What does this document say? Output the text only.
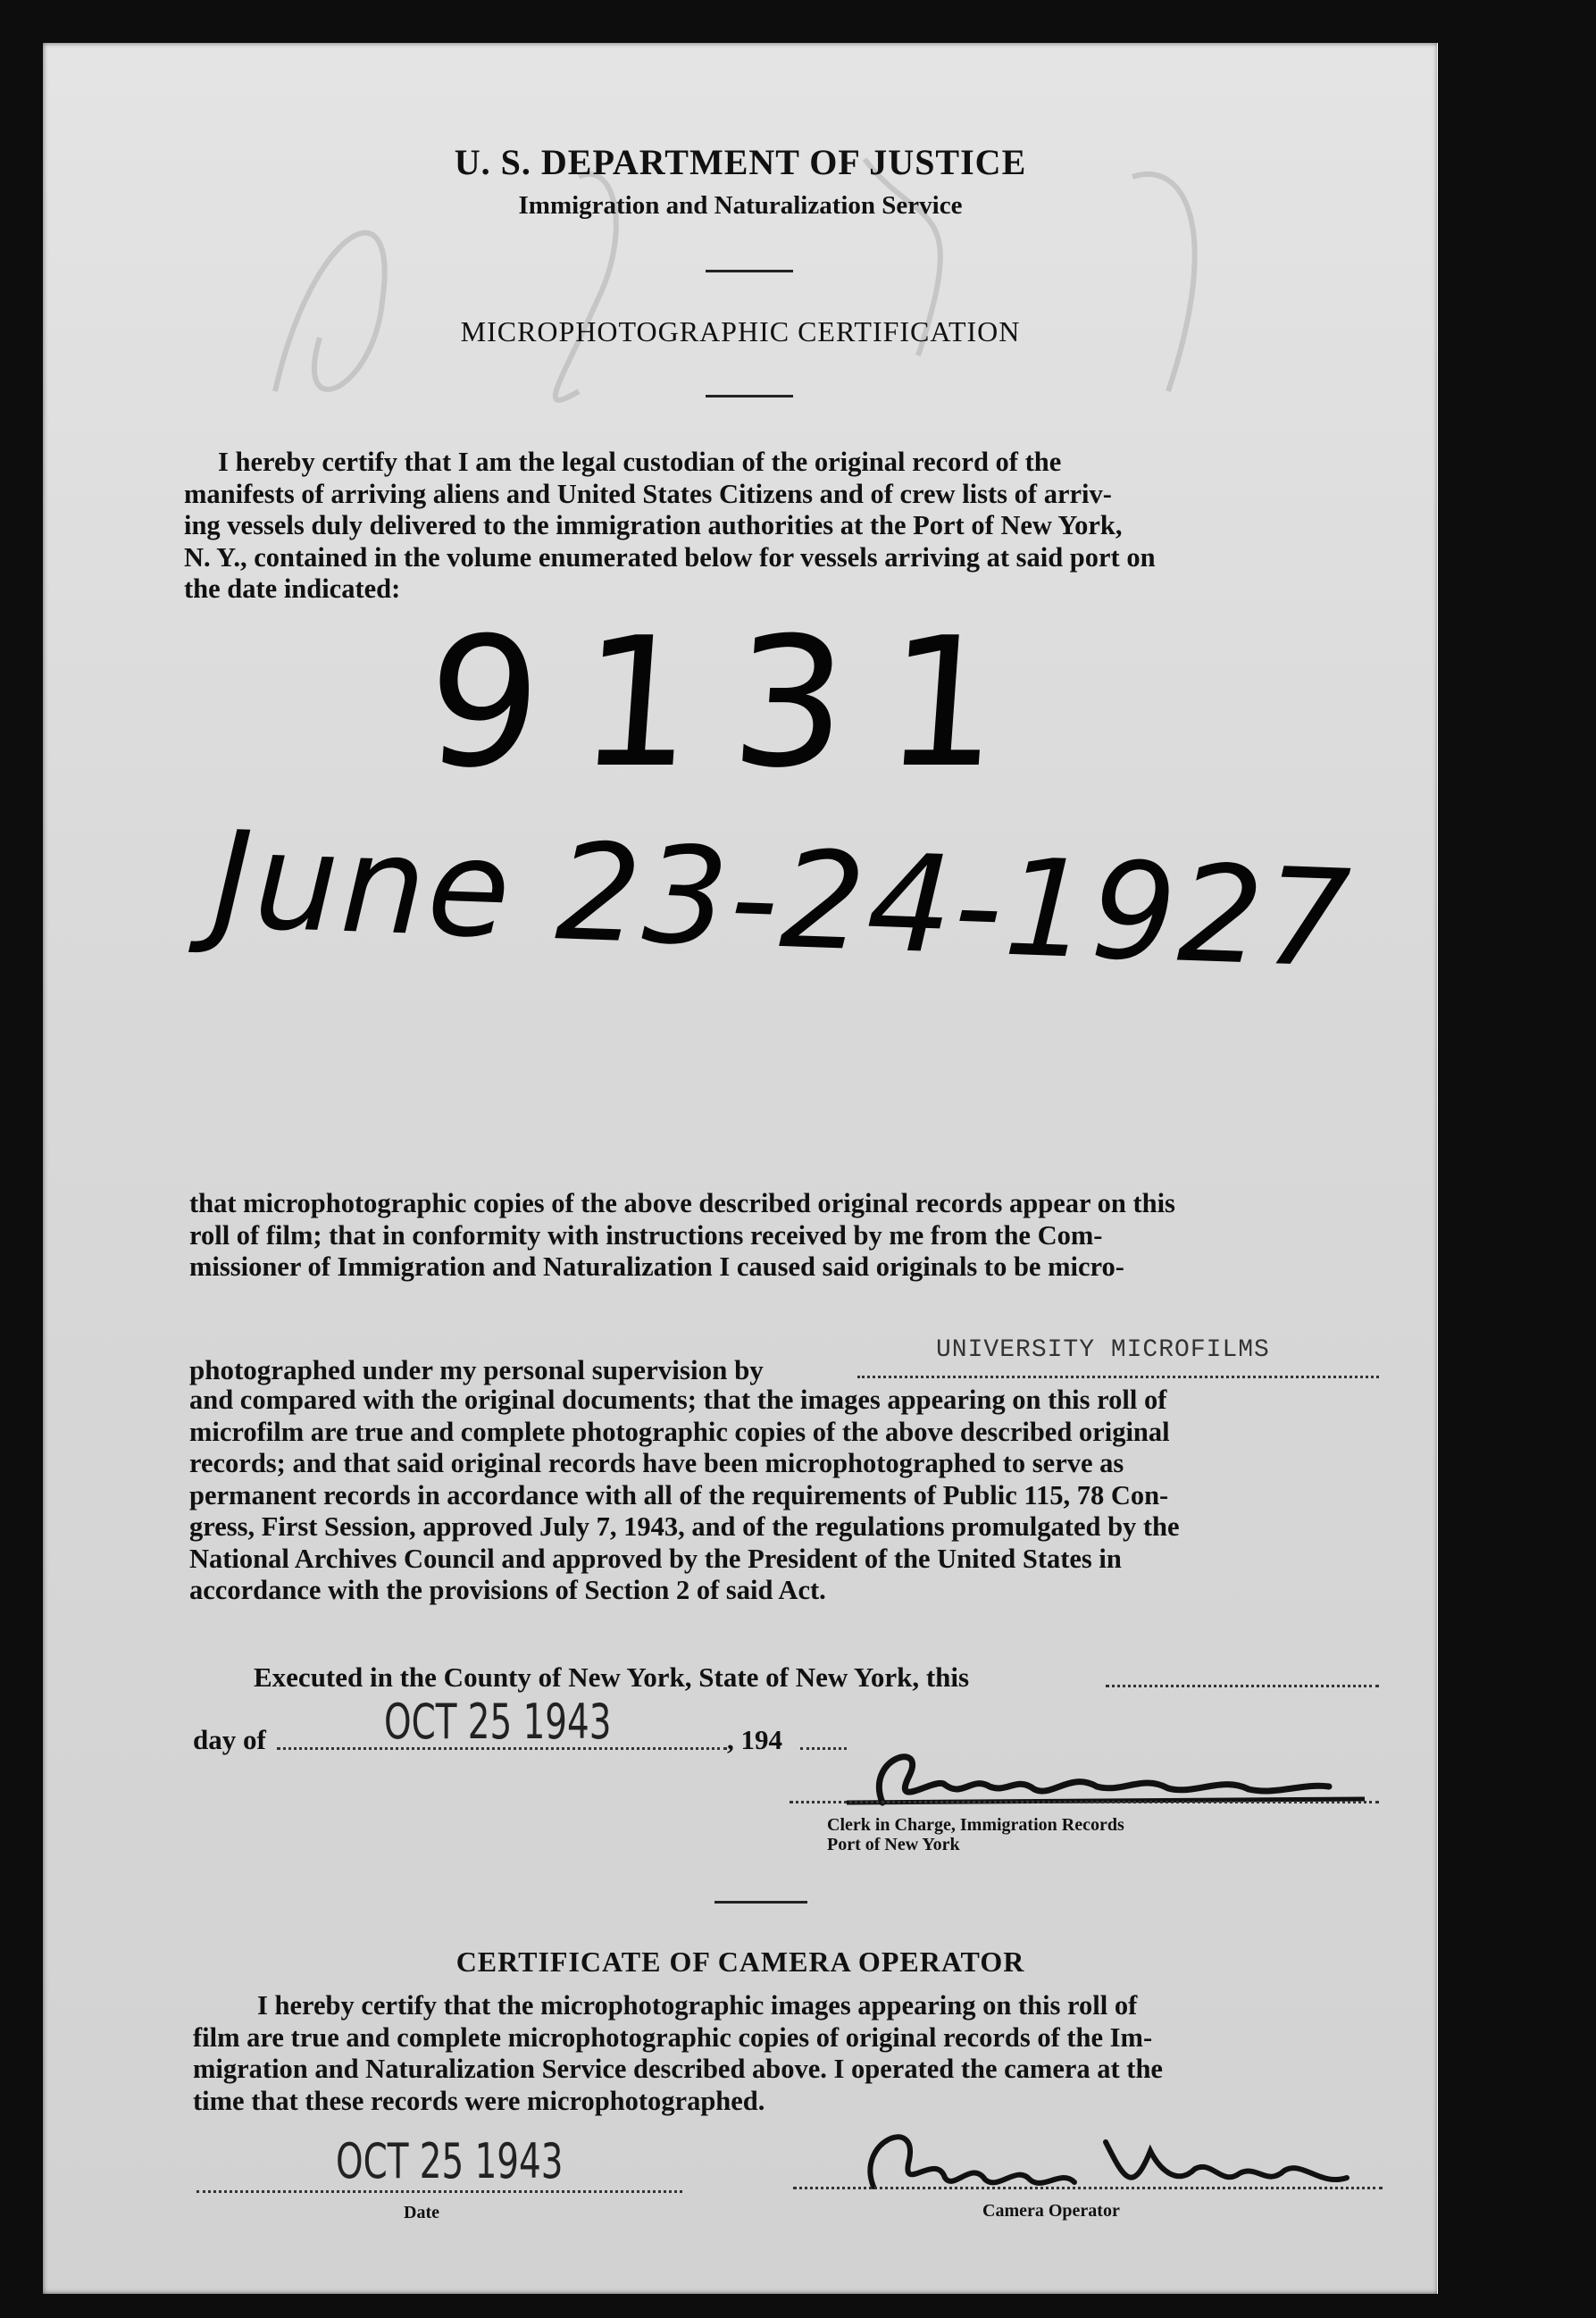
U. S. DEPARTMENT OF JUSTICE
Immigration and Naturalization Service
MICROPHOTOGRAPHIC CERTIFICATION
I hereby certify that I am the legal custodian of the original record of the
manifests of arriving aliens and United States Citizens and of crew lists of arriv-
ing vessels duly delivered to the immigration authorities at the Port of New York,
N. Y., contained in the volume enumerated below for vessels arriving at said port on
the date indicated:
9131
June 23-24-1927
that microphotographic copies of the above described original records appear on this
roll of film; that in conformity with instructions received by me from the Com-
missioner of Immigration and Naturalization I caused said originals to be micro-
photographed under my personal supervision by
UNIVERSITY MICROFILMS
and compared with the original documents; that the images appearing on this roll of
microfilm are true and complete photographic copies of the above described original
records; and that said original records have been microphotographed to serve as
permanent records in accordance with all of the requirements of Public 115, 78 Con-
gress, First Session, approved July 7, 1943, and of the regulations promulgated by the
National Archives Council and approved by the President of the United States in
accordance with the provisions of Section 2 of said Act.
Executed in the County of New York, State of New York, this
day of OCT 25 1943	, 194
Clerk in Charge, Immigration Records
Port of New York
CERTIFICATE OF CAMERA OPERATOR
I hereby certify that the microphotographic images appearing on this roll of
film are true and complete microphotographic copies of original records of the Im-
migration and Naturalization Service described above. I operated the camera at the
time that these records were microphotographed.
OCT 25 1943
Date	Camera Operator
